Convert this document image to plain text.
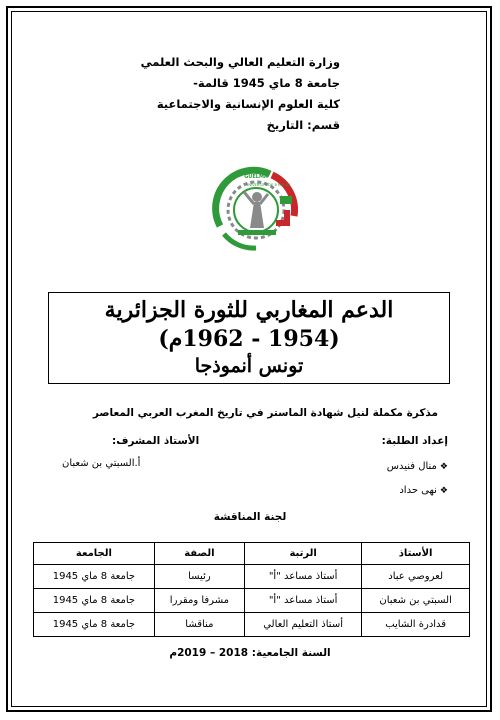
وزارة التعليم العالي والبحث العلمي
جامعة 8 ماي 1945 قالمة-
كلية العلوم الإنسانية والاجتماعية
قسم: التاريخ
GUELMA
UNIVERSITE DE 8 MAI 45
الدعم المغاربي للثورة الجزائرية
(1954 - 1962م)
تونس أنموذجا
مذكرة مكملة لنيل شهادة الماستر في تاريخ المغرب العربي المعاصر
إعداد الطلبة:
الأستاذ المشرف:
❖منال فنيدس
❖نهى حداد
أ.السبتي بن شعبان
لجنة المناقشة
الأستاذ	الرتبة	الصفة	الجامعة
لعروصي عباد	أستاذ مساعد "أ"	رئيسا	جامعة 8 ماي 1945
السبتي بن شعبان	أستاذ مساعد "أ"	مشرفا ومقررا	جامعة 8 ماي 1945
قدادرة الشايب	أستاذ التعليم العالي	مناقشا	جامعة 8 ماي 1945
السنة الجامعية: 2018 – 2019م
